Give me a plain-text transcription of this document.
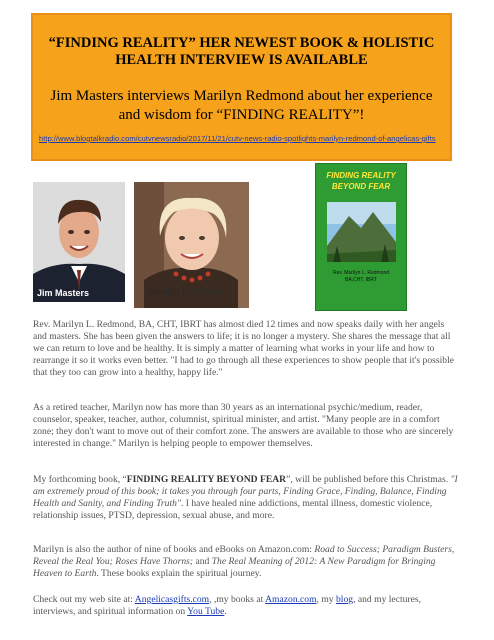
“FINDING REALITY” HER NEWEST BOOK & HOLISTIC HEALTH INTERVIEW IS AVAILABLE

Jim Masters interviews Marilyn Redmond about her experience and wisdom for “FINDING REALITY”!

http://www.blogtalkradio.com/cutvnewsradio/2017/11/21/cutv-news-radio-spotlights-marilyn-redmond-of-angelicas-gifts
Jim Masters	Marilyn Redmond
FINDING REALITY BEYOND FEAR
Rev. Marilyn L. Redmond
BA,CHT, IBRT

Rev. Marilyn L. Redmond, BA, CHT, IBRT has almost died 12 times and now speaks daily with her angels and masters. She has been given the answers to life; it is no longer a mystery. She shares the message that all we can return to love and be healthy. It is simply a matter of learning what works in your life and how to rearrange it so it works even better. "I had to go through all these experiences to show people that it's possible that they too can grow into a healthy, happy life."

As a retired teacher, Marilyn now has more than 30 years as an international psychic/medium, reader, counselor, speaker, teacher, author, columnist, spiritual minister, and artist. "Many people are in a comfort zone; they don't want to move out of their comfort zone. The answers are available to those who are sincerely interested in change." Marilyn is helping people to empower themselves.

My forthcoming book, “FINDING REALITY BEYOND FEAR”, will be published before this Christmas. "I am extremely proud of this book; it takes you through four parts, Finding Grace, Finding, Balance, Finding Health and Sanity, and Finding Truth". I have healed nine addictions, mental illness, domestic violence, relationship issues, PTSD, depression, sexual abuse, and more.

Marilyn is also the author of nine of books and eBooks on Amazon.com: Road to Success; Paradigm Busters, Reveal the Real You; Roses Have Thorns; and The Real Meaning of 2012: A New Paradigm for Bringing Heaven to Earth. These books explain the spiritual journey.

Check out my web site at: Angelicasgifts.com, ,my books at Amazon.com, my blog, and my lectures, interviews, and spiritual information on You Tube.
